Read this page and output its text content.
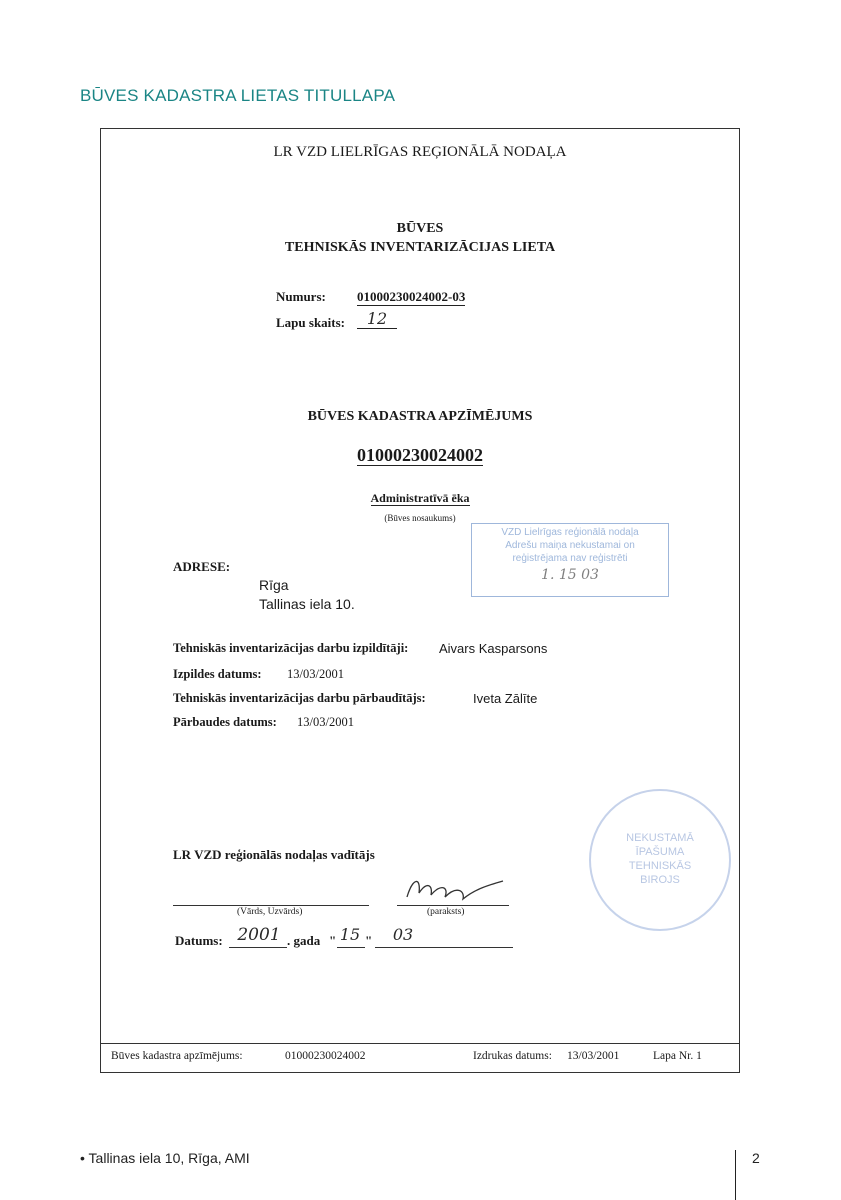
BŪVES KADASTRA LIETAS TITULLAPA
LR VZD LIELRĪGAS REĢIONĀLĀ NODAĻA
BŪVES
TEHNISKĀS INVENTARIZĀCIJAS LIETA
Numurs: 01000230024002-03
Lapu skaits:	12
BŪVES KADASTRA APZĪMĒJUMS
01000230024002
Administratīvā ēka
(Būves nosaukums)
VZD Lielrīgas reģionālā nodaļa
Adrešu maiņa nekustamai on
reģistrējama nav reģistrēti
1. 15 03
ADRESE:
Rīga
Tallinas iela 10.
Tehniskās inventarizācijas darbu izpildītāji: Aivars Kasparsons
Izpildes datums: 13/03/2001
Tehniskās inventarizācijas darbu pārbaudītājs:	Iveta Zālīte
Pārbaudes datums: 13/03/2001
NEKUSTAMĀ
ĪPAŠUMA
TEHNISKĀS
BIROJS
LR VZD reģionālās nodaļas vadītājs
(Vārds, Uzvārds)	(paraksts)
Datums: 2001 . gada " 15 "	03
Būves kadastra apzīmējums:	01000230024002	Izdrukas datums: 13/03/2001	Lapa Nr. 1
• Tallinas iela 10, Rīga, AMI	2
